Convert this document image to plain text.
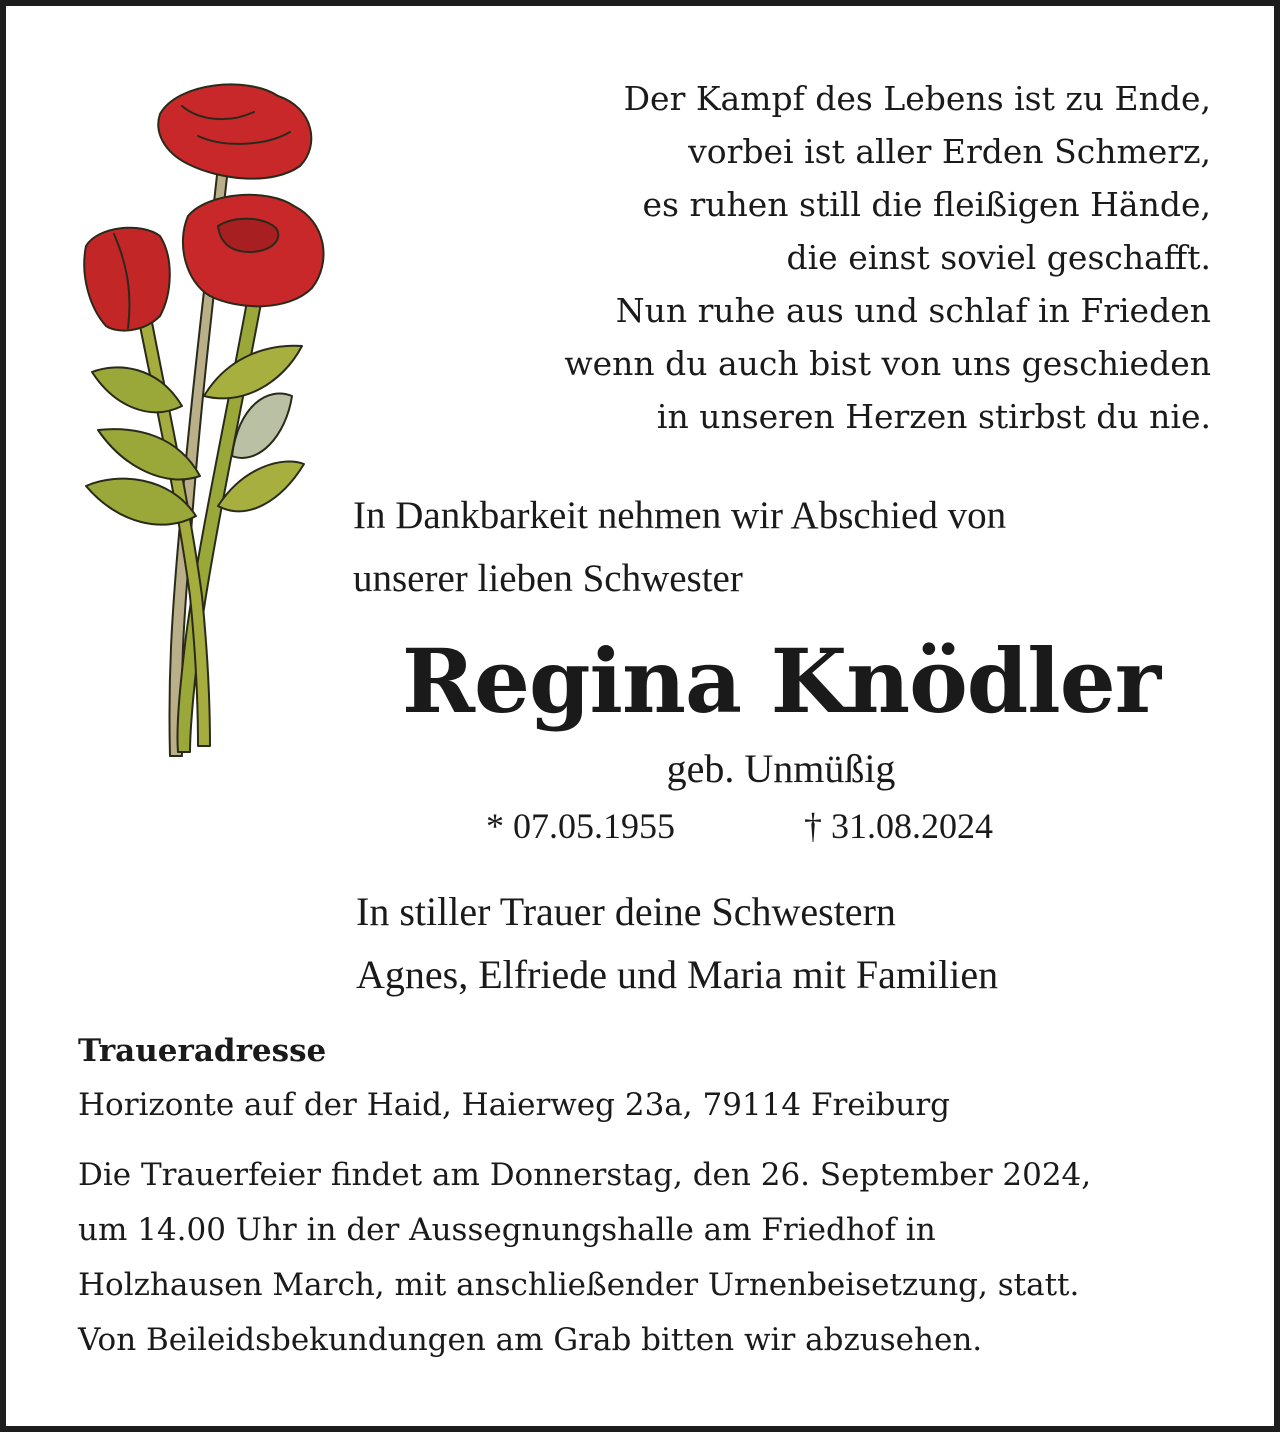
Der Kampf des Lebens ist zu Ende,
vorbei ist aller Erden Schmerz,
es ruhen still die fleißigen Hände,
die einst soviel geschafft.
Nun ruhe aus und schlaf in Frieden
wenn du auch bist von uns geschieden
in unseren Herzen stirbst du nie.
In Dankbarkeit nehmen wir Abschied von
unserer lieben Schwester
Regina Knödler
geb. Unmüßig
* 07.05.1955	† 31.08.2024
In stiller Trauer deine Schwestern
Agnes, Elfriede und Maria mit Familien
Traueradresse
Horizonte auf der Haid, Haierweg 23a, 79114 Freiburg
Die Trauerfeier findet am Donnerstag, den 26. September 2024,
um 14.00 Uhr in der Aussegnungshalle am Friedhof in
Holzhausen March, mit anschließender Urnenbeisetzung, statt.
Von Beileidsbekundungen am Grab bitten wir abzusehen.
